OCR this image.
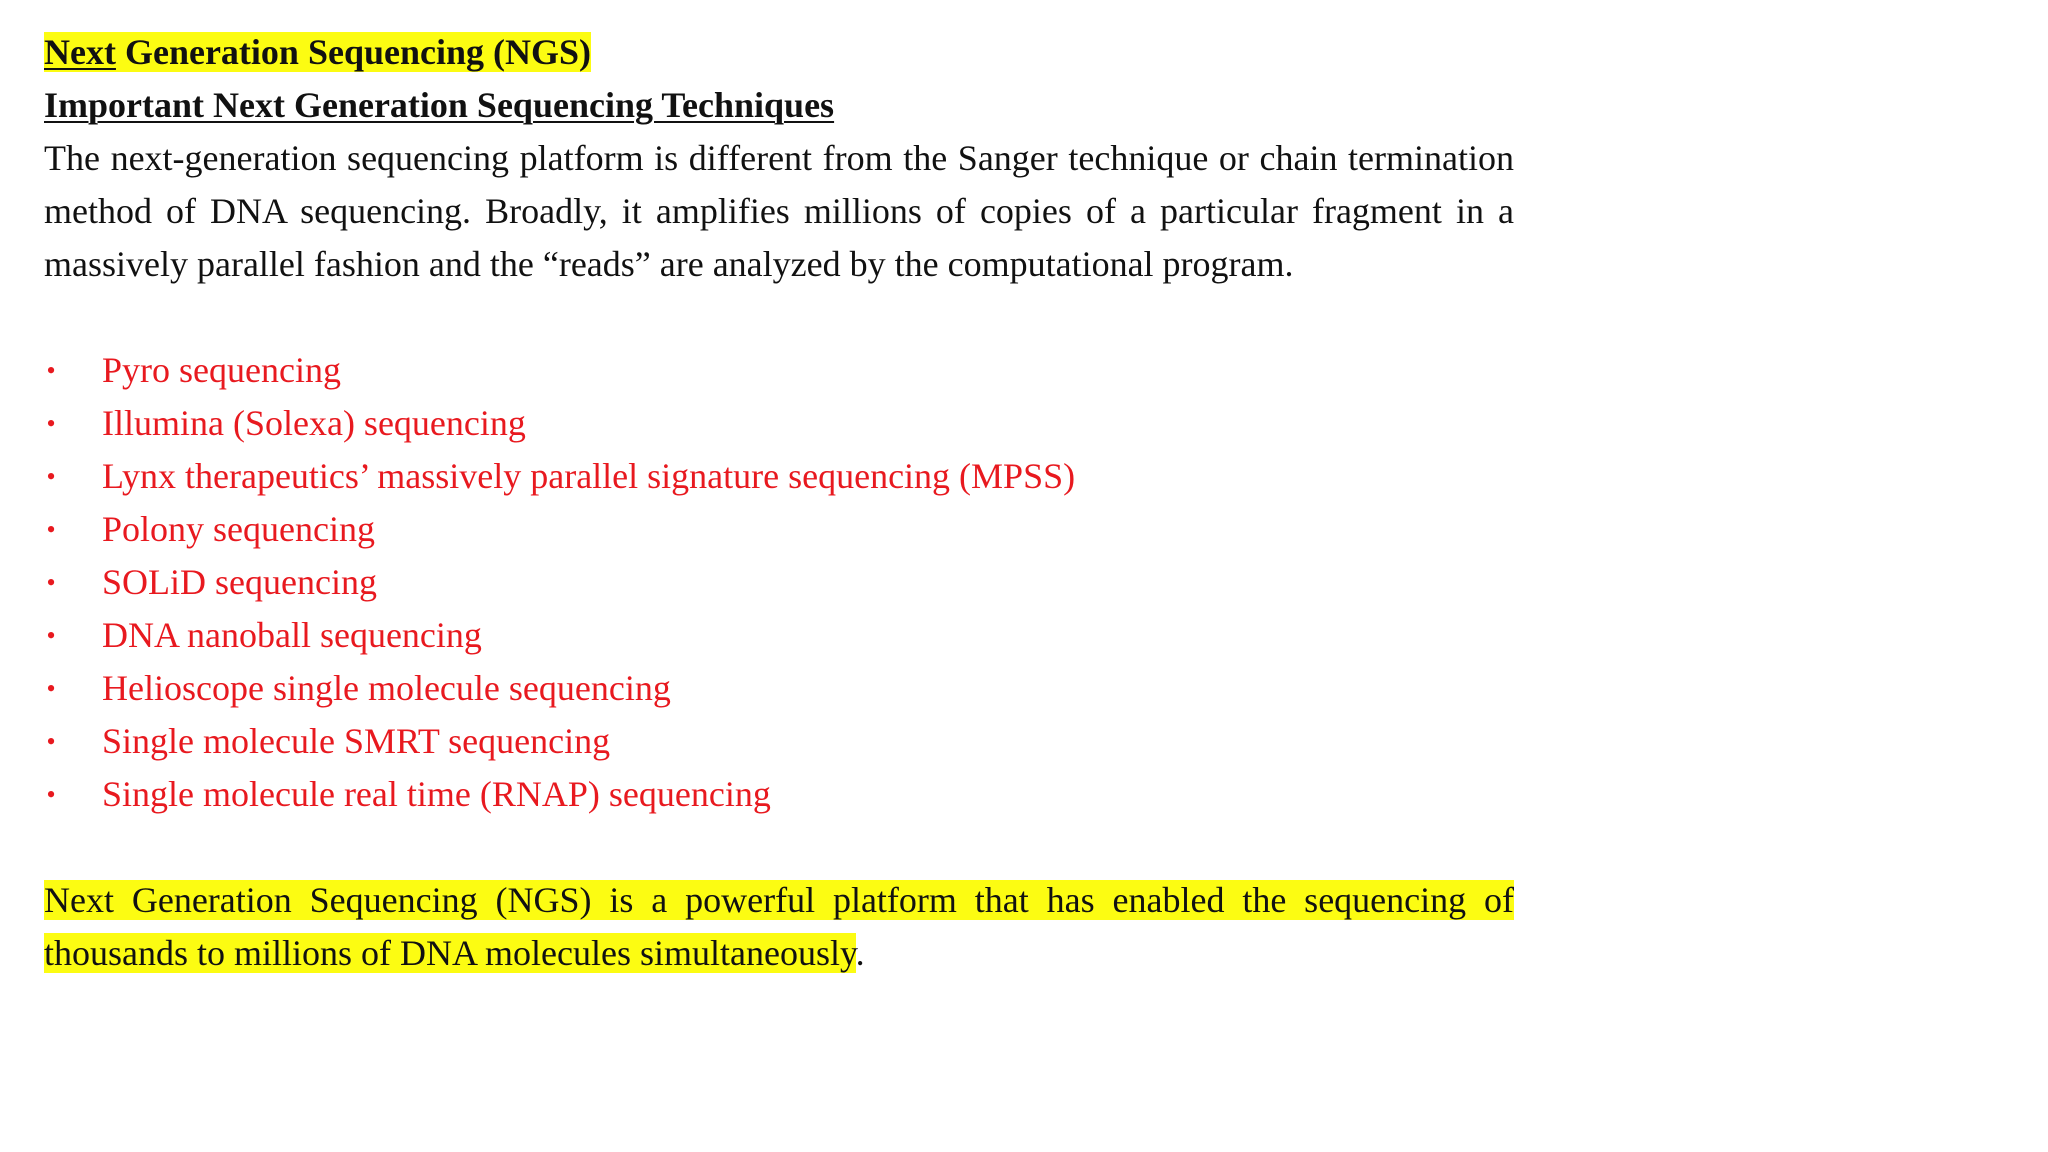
Next Generation Sequencing (NGS)

Important Next Generation Sequencing Techniques

The next-generation sequencing platform is different from the Sanger technique or chain termination method of DNA sequencing. Broadly, it amplifies millions of copies of a particular fragment in a massively parallel fashion and the “reads” are analyzed by the computational program.

• Pyro sequencing
• Illumina (Solexa) sequencing
• Lynx therapeutics’ massively parallel signature sequencing (MPSS)
• Polony sequencing
• SOLiD sequencing
• DNA nanoball sequencing
• Helioscope single molecule sequencing
• Single molecule SMRT sequencing
• Single molecule real time (RNAP) sequencing

Next Generation Sequencing (NGS) is a powerful platform that has enabled the sequencing of thousands to millions of DNA molecules simultaneously.
